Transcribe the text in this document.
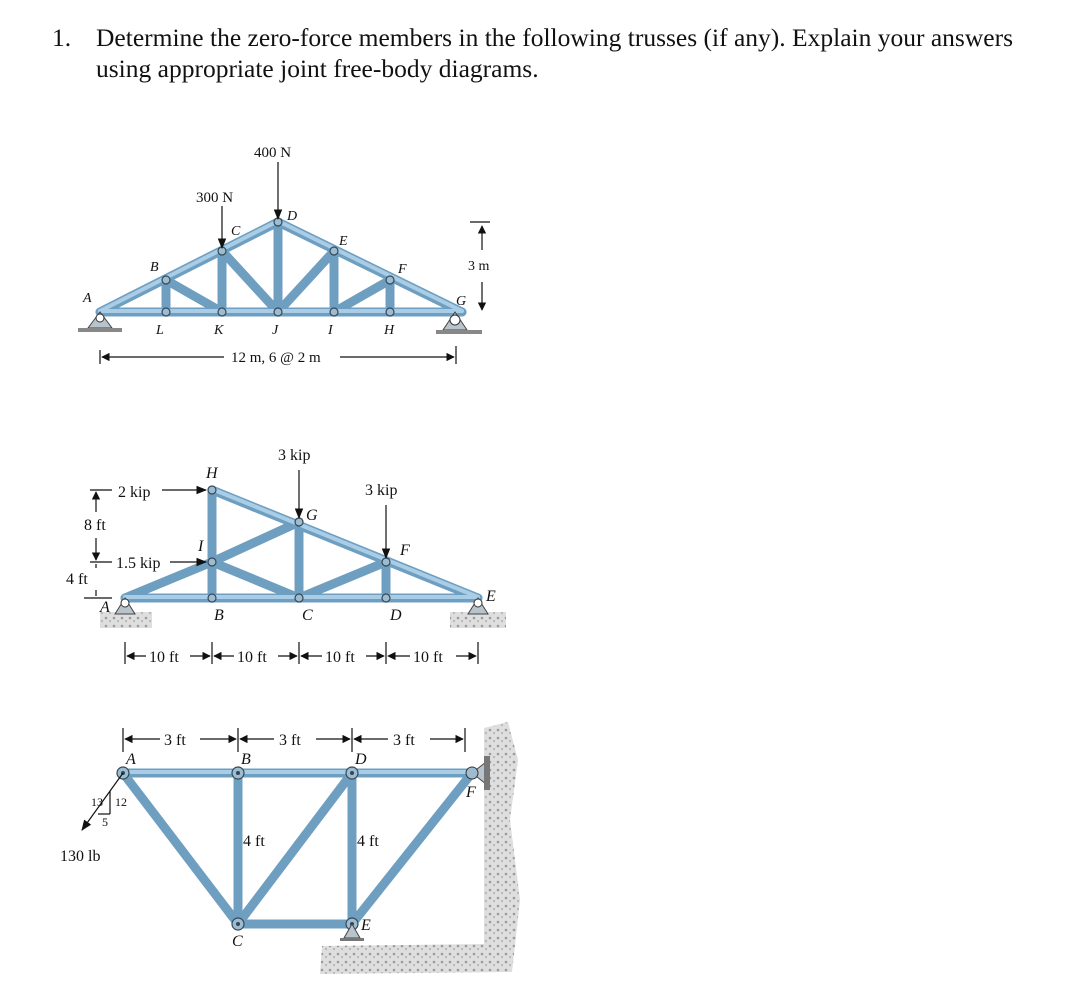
1. Determine the zero-force members in the following trusses (if any). Explain your answers using appropriate joint free-body diagrams.
300 N
400 N
A
B
C
D
E
F
G
H
I
J
K
L
3 m
12 m, 6 @ 2 m
2 kip
1.5 kip
3 kip
3 kip
A	B	C	D
E
F
G
H
I
8 ft
4 ft
10 ft	10 ft	10 ft	10 ft
13 12
5
130 lb
A	B
C
D
E
F
4 ft	4 ft
3 ft	3 ft	3 ft
